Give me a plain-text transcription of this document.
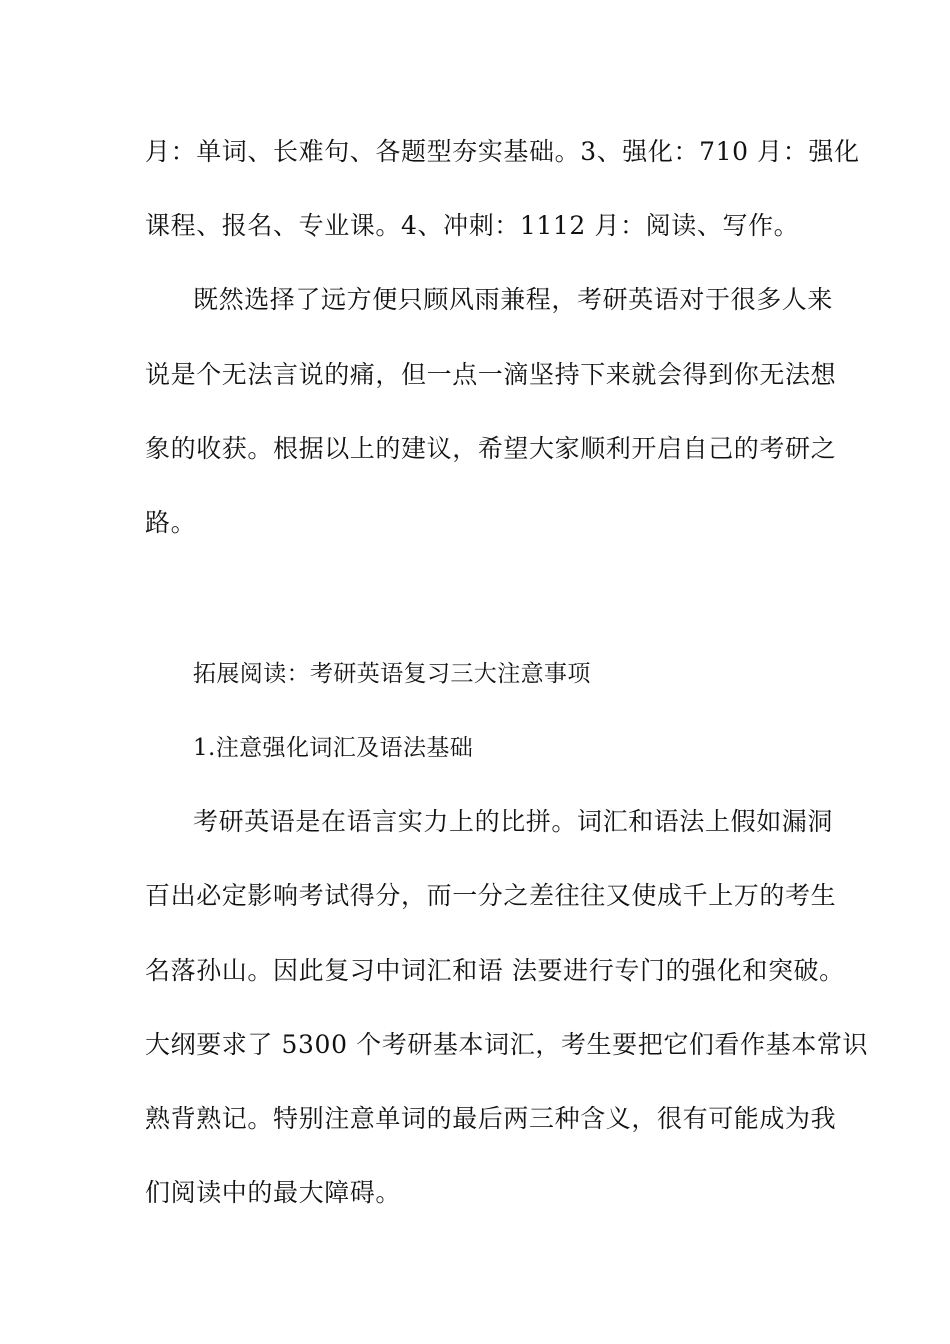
月：单词、长难句、各题型夯实基础。3、强化：710 月：强化
课程、报名、专业课。4、冲刺：1112 月：阅读、写作。
既然选择了远方便只顾风雨兼程，考研英语对于很多人来
说是个无法言说的痛，但一点一滴坚持下来就会得到你无法想
象的收获。根据以上的建议，希望大家顺利开启自己的考研之
路。
拓展阅读：考研英语复习三大注意事项
1.注意强化词汇及语法基础
考研英语是在语言实力上的比拼。词汇和语法上假如漏洞
百出必定影响考试得分，而一分之差往往又使成千上万的考生
名落孙山。因此复习中词汇和语 法要进行专门的强化和突破。
大纲要求了 5300 个考研基本词汇，考生要把它们看作基本常识
熟背熟记。特别注意单词的最后两三种含义，很有可能成为我
们阅读中的最大障碍。
